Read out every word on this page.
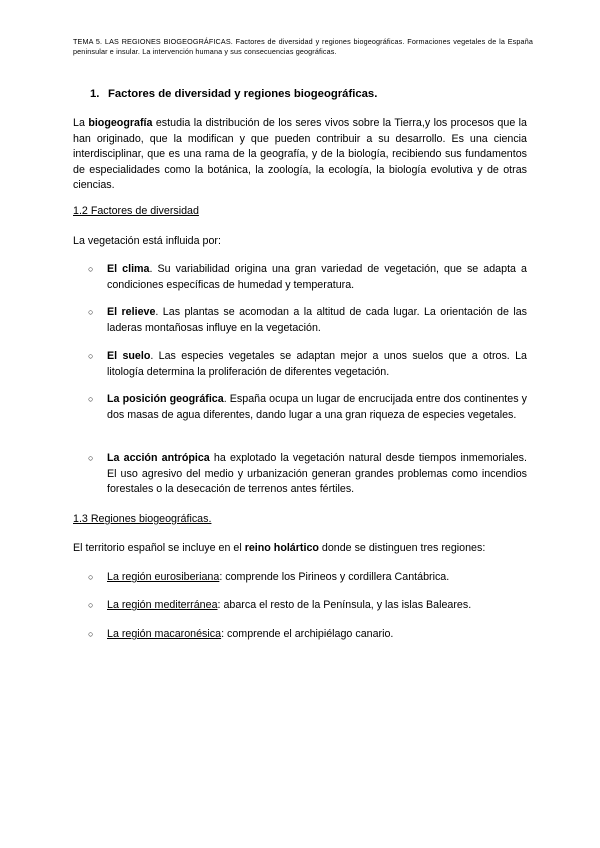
TEMA 5. LAS REGIONES BIOGEOGRÁFICAS. Factores de diversidad y regiones biogeográficas. Formaciones vegetales de la España peninsular e insular. La intervención humana y sus consecuencias geográficas.
1. Factores de diversidad y regiones biogeográficas.
La biogeografía estudia la distribución de los seres vivos sobre la Tierra,y los procesos que la han originado, que la modifican y que pueden contribuir a su desarrollo. Es una ciencia interdisciplinar, que es una rama de la geografía, y de la biología, recibiendo sus fundamentos de especialidades como la botánica, la zoología, la ecología, la biología evolutiva y de otras ciencias.
1.2 Factores de diversidad
La vegetación está influida por:
○ El clima. Su variabilidad origina una gran variedad de vegetación, que se adapta a condiciones específicas de humedad y temperatura.
○ El relieve. Las plantas se acomodan a la altitud de cada lugar. La orientación de las laderas montañosas influye en la vegetación.
○ El suelo. Las especies vegetales se adaptan mejor a unos suelos que a otros. La litología determina la proliferación de diferentes vegetación.
○ La posición geográfica. España ocupa un lugar de encrucijada entre dos continentes y dos masas de agua diferentes, dando lugar a una gran riqueza de especies vegetales.
○ La acción antrópica ha explotado la vegetación natural desde tiempos inmemoriales. El uso agresivo del medio y urbanización generan grandes problemas como incendios forestales o la desecación de terrenos antes fértiles.
1.3 Regiones biogeográficas.
El territorio español se incluye en el reino holártico donde se distinguen tres regiones:
○ La región eurosiberiana: comprende los Pirineos y cordillera Cantábrica.
○ La región mediterránea: abarca el resto de la Península, y las islas Baleares.
○ La región macaronésica: comprende el archipiélago canario.
